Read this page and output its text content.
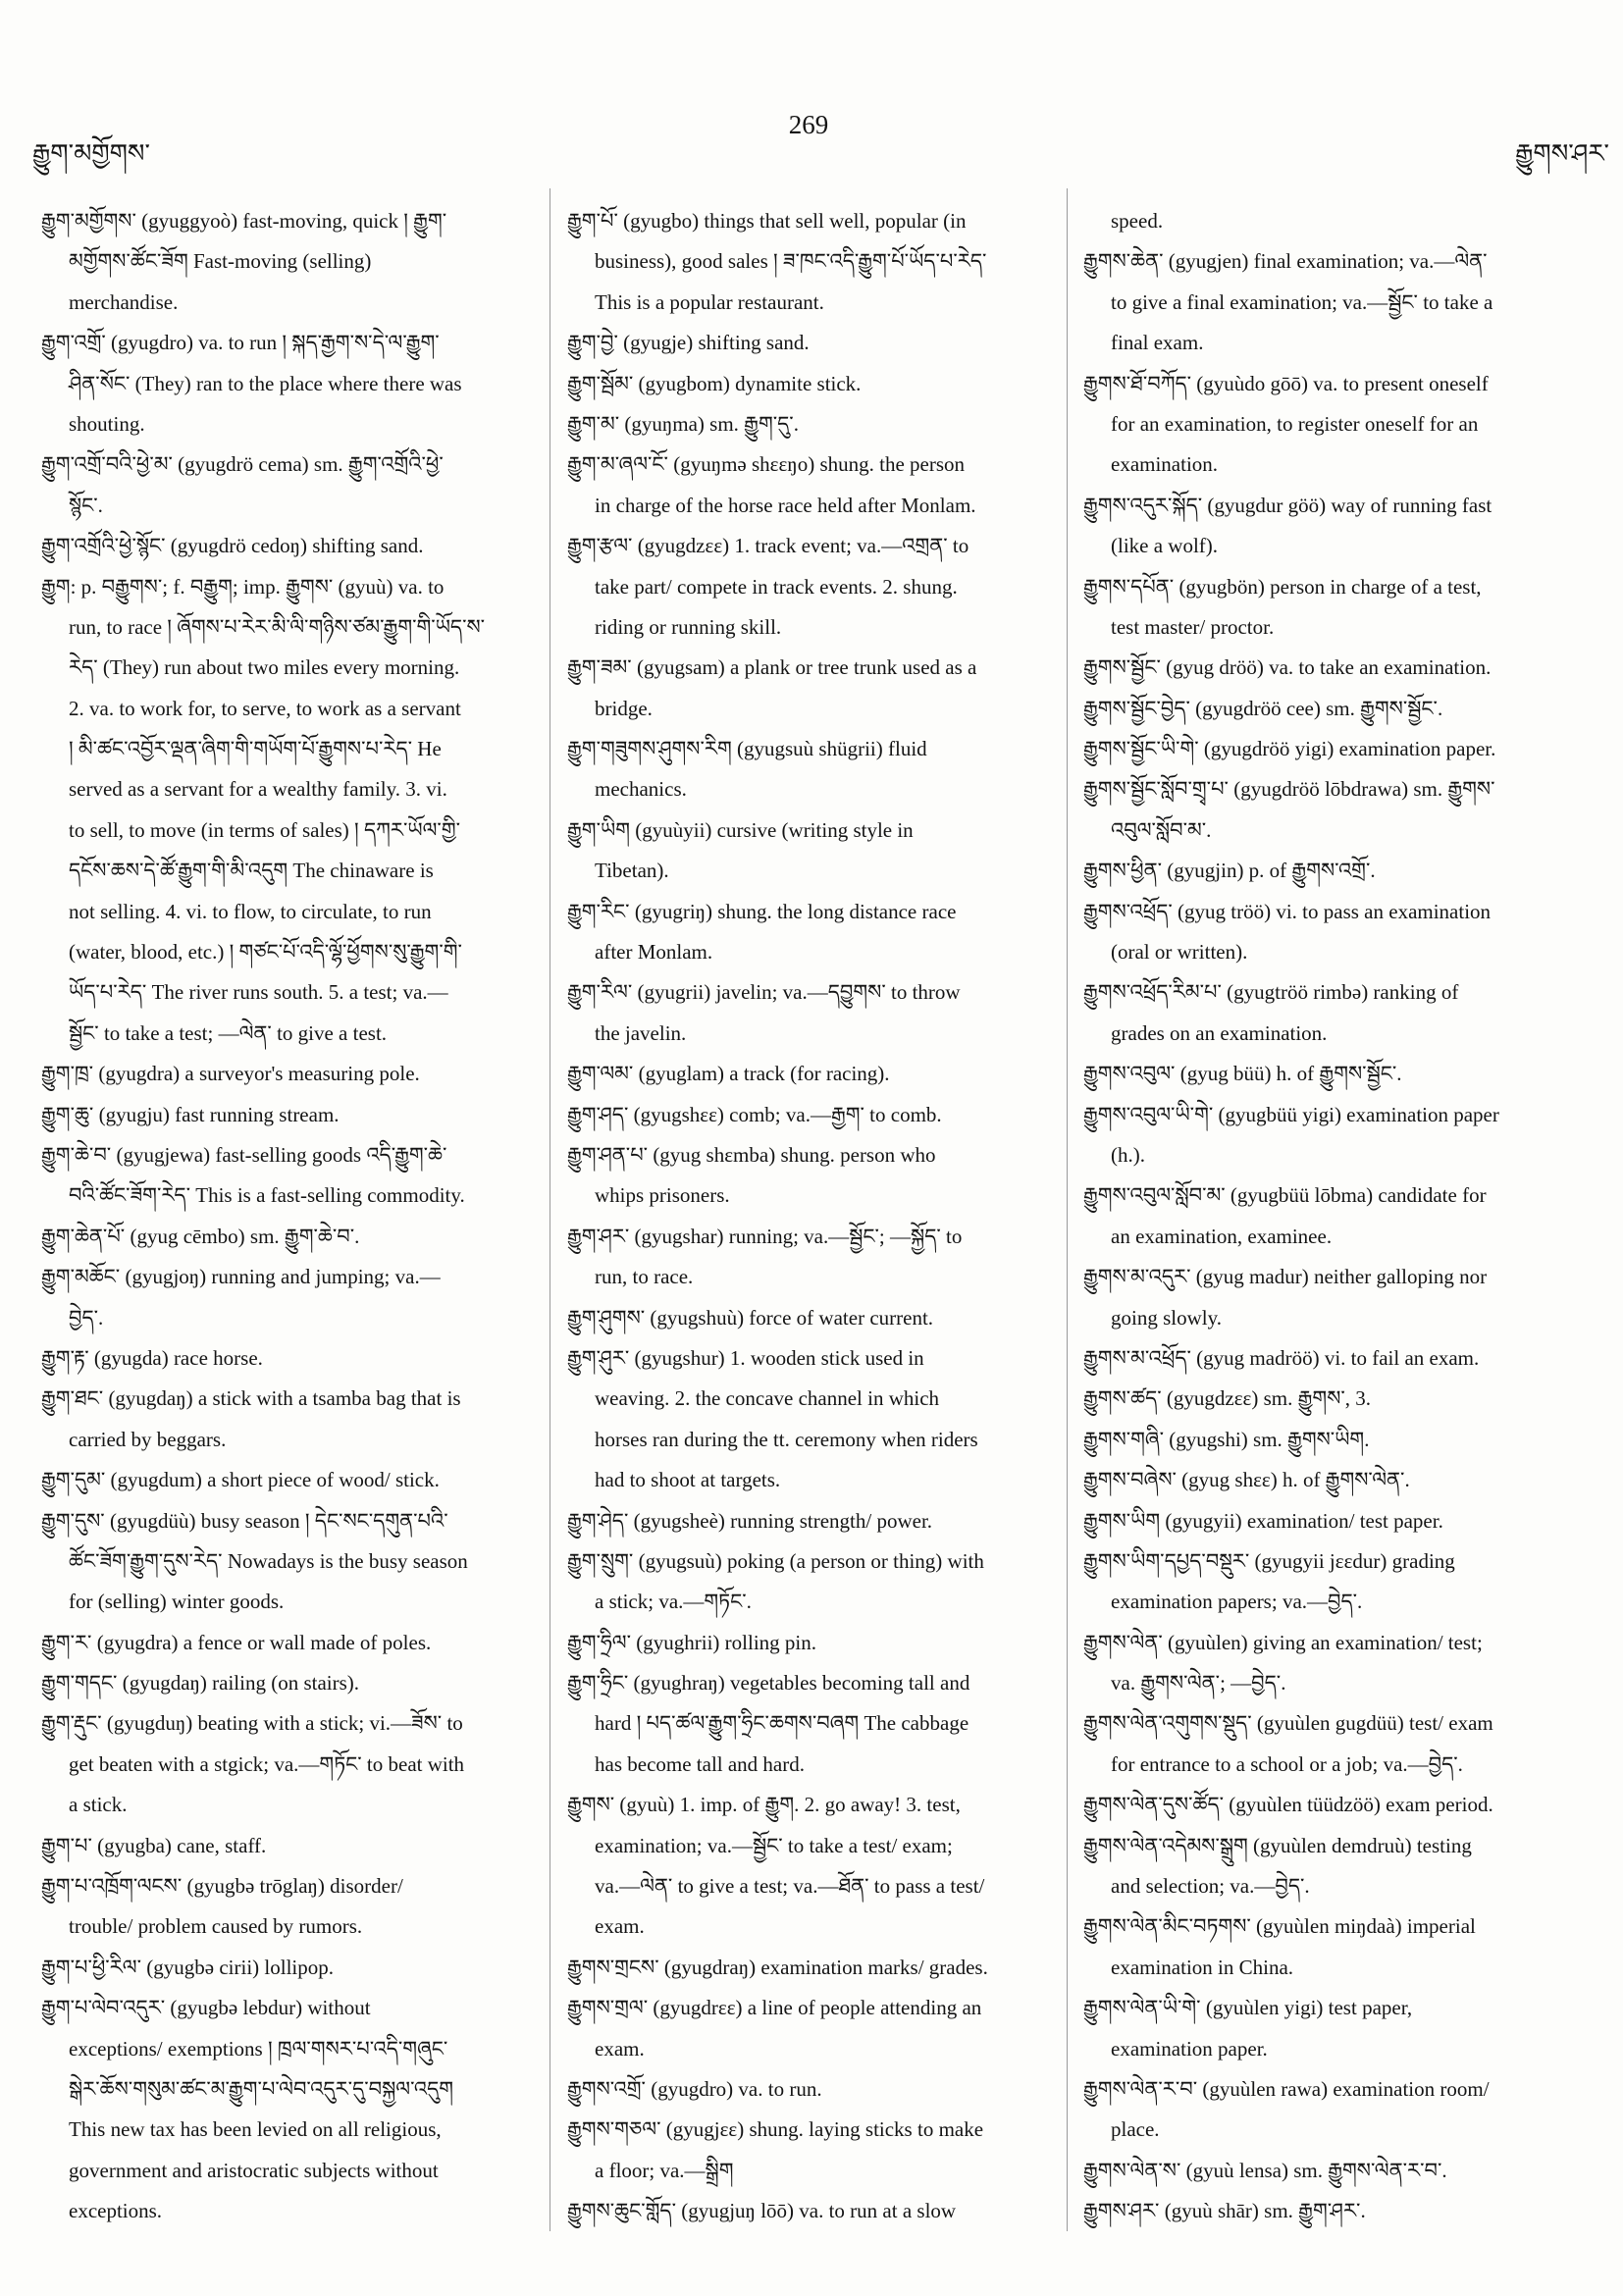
རྒྱུག་མགྱོགས་
269
རྒྱུགས་ཤར་
རྒྱུག་མགྱོགས་ (gyuggyoò) fast-moving, quick ། རྒྱུག་
མགྱོགས་ཚོང་ཟོག Fast-moving (selling)
merchandise.
རྒྱུག་འགྲོ་ (gyugdro) va. to run ། སྐད་རྒྱག་ས་དེ་ལ་རྒྱུག་
ཤིན་སོང་ (They) ran to the place where there was
shouting.
རྒྱུག་འགྲོ་བའི་ཕྱེ་མ་ (gyugdrö cema) sm. རྒྱུག་འགྲོའི་ཕྱེ་
སྙོང་.
རྒྱུག་འགྲོའི་ཕྱེ་སྙོང་ (gyugdrö cedoŋ) shifting sand.
རྒྱུག: p. བརྒྱུགས་; f. བརྒྱུག; imp. རྒྱུགས་ (gyuù) va. to
run, to race ། ཞོགས་པ་རེར་མི་ལི་གཉིས་ཙམ་རྒྱུག་གི་ཡོད་ས་
རེད་ (They) run about two miles every morning.
2. va. to work for, to serve, to work as a servant
། མི་ཚང་འབྱོར་ལྡན་ཞིག་གི་གཡོག་པོ་རྒྱུགས་པ་རེད་ He
served as a servant for a wealthy family. 3. vi.
to sell, to move (in terms of sales) ། དཀར་ཡོལ་གྱི་
དངོས་ཆས་དེ་ཚོ་རྒྱུག་གི་མི་འདུག The chinaware is
not selling. 4. vi. to flow, to circulate, to run
(water, blood, etc.) ། གཙང་པོ་འདི་ལྷོ་ཕྱོགས་སུ་རྒྱུག་གི་
ཡོད་པ་རེད་ The river runs south. 5. a test; va.—
སྦྱོང་ to take a test; —ལེན་ to give a test.
རྒྱུག་ཁྲ་ (gyugdra) a surveyor's measuring pole.
རྒྱུག་ཆུ་ (gyugju) fast running stream.
རྒྱུག་ཆེ་བ་ (gyugjewa) fast-selling goods འདི་རྒྱུག་ཆེ་
བའི་ཚོང་ཟོག་རེད་ This is a fast-selling commodity.
རྒྱུག་ཆེན་པོ་ (gyug cēmbo) sm. རྒྱུག་ཆེ་བ་.
རྒྱུག་མཆོང་ (gyugjoŋ) running and jumping; va.—
བྱེད་.
རྒྱུག་རྟ་ (gyugda) race horse.
རྒྱུག་ཐང་ (gyugdaŋ) a stick with a tsamba bag that is
carried by beggars.
རྒྱུག་དུམ་ (gyugdum) a short piece of wood/ stick.
རྒྱུག་དུས་ (gyugdüù) busy season ། དེང་སང་དགུན་པའི་
ཚོང་ཟོག་རྒྱུག་དུས་རེད་ Nowadays is the busy season
for (selling) winter goods.
རྒྱུག་ར་ (gyugdra) a fence or wall made of poles.
རྒྱུག་གདང་ (gyugdaŋ) railing (on stairs).
རྒྱུག་རྡུང་ (gyugduŋ) beating with a stick; vi.—ཟོས་ to
get beaten with a stgick; va.—གཏོང་ to beat with
a stick.
རྒྱུག་པ་ (gyugba) cane, staff.
རྒྱུག་པ་འཁྲོག་ལངས་ (gyugbə trōglaŋ) disorder/
trouble/ problem caused by rumors.
རྒྱུག་པ་ཕྱི་རིལ་ (gyugbə cirii) lollipop.
རྒྱུག་པ་ལེབ་འདུར་ (gyugbə lebdur) without
exceptions/ exemptions ། ཁྲལ་གསར་པ་འདི་གཞུང་
སྒེར་ཆོས་གསུམ་ཚང་མ་རྒྱུག་པ་ལེབ་འདུར་དུ་བསྐྱལ་འདུག
This new tax has been levied on all religious,
government and aristocratic subjects without
exceptions.
རྒྱུག་པོ་ (gyugbo) things that sell well, popular (in
business), good sales ། ཟ་ཁང་འདི་རྒྱུག་པོ་ཡོད་པ་རེད་
This is a popular restaurant.
རྒྱུག་བྱེ་ (gyugje) shifting sand.
རྒྱུག་སྦོམ་ (gyugbom) dynamite stick.
རྒྱུག་མ་ (gyuŋma) sm. རྒྱུག་དུ་.
རྒྱུག་མ་ཞལ་ངོ་ (gyuŋmə shεεŋo) shung. the person
in charge of the horse race held after Monlam.
རྒྱུག་རྩལ་ (gyugdzεε) 1. track event; va.—འགྲན་ to
take part/ compete in track events. 2. shung.
riding or running skill.
རྒྱུག་ཟམ་ (gyugsam) a plank or tree trunk used as a
bridge.
རྒྱུག་གཟུགས་ཤུགས་རིག (gyugsuù shügrii) fluid
mechanics.
རྒྱུག་ཡིག (gyuùyii) cursive (writing style in
Tibetan).
རྒྱུག་རིང་ (gyugriŋ) shung. the long distance race
after Monlam.
རྒྱུག་རིལ་ (gyugrii) javelin; va.—དབྱུགས་ to throw
the javelin.
རྒྱུག་ལམ་ (gyuglam) a track (for racing).
རྒྱུག་ཤད་ (gyugshεε) comb; va.—རྒྱག་ to comb.
རྒྱུག་ཤན་པ་ (gyug shεmba) shung. person who
whips prisoners.
རྒྱུག་ཤར་ (gyugshar) running; va.—སྦྱོང་; —སྐྱོད་ to
run, to race.
རྒྱུག་ཤུགས་ (gyugshuù) force of water current.
རྒྱུག་ཤུར་ (gyugshur) 1. wooden stick used in
weaving. 2. the concave channel in which
horses ran during the tt. ceremony when riders
had to shoot at targets.
རྒྱུག་ཤེད་ (gyugsheè) running strength/ power.
རྒྱུག་སྲུག་ (gyugsuù) poking (a person or thing) with
a stick; va.—གཏོང་.
རྒྱུག་ཧྲིལ་ (gyughrii) rolling pin.
རྒྱུག་ཧྲིང་ (gyughraŋ) vegetables becoming tall and
hard ། པད་ཚལ་རྒྱུག་ཧྲིང་ཆགས་བཞག The cabbage
has become tall and hard.
རྒྱུགས་ (gyuù) 1. imp. of རྒྱུག. 2. go away! 3. test,
examination; va.—སྦྱོང་ to take a test/ exam;
va.—ལེན་ to give a test; va.—ཐོན་ to pass a test/
exam.
རྒྱུགས་གྲངས་ (gyugdraŋ) examination marks/ grades.
རྒྱུགས་གྲལ་ (gyugdrεε) a line of people attending an
exam.
རྒྱུགས་འགྲོ་ (gyugdro) va. to run.
རྒྱུགས་གཅལ་ (gyugjεε) shung. laying sticks to make
a floor; va.—སྒྲིག
རྒྱུགས་ཆུང་གློད་ (gyugjuŋ lōō) va. to run at a slow
speed.
རྒྱུགས་ཆེན་ (gyugjen) final examination; va.—ལེན་
to give a final examination; va.—སྦྱོང་ to take a
final exam.
རྒྱུགས་ཐོ་བཀོད་ (gyuùdo gōō) va. to present oneself
for an examination, to register oneself for an
examination.
རྒྱུགས་འདུར་སྐོད་ (gyugdur göö) way of running fast
(like a wolf).
རྒྱུགས་དཔོན་ (gyugbön) person in charge of a test,
test master/ proctor.
རྒྱུགས་སྦྱོང་ (gyug dröö) va. to take an examination.
རྒྱུགས་སྦྱོང་བྱེད་ (gyugdröö cee) sm. རྒྱུགས་སྦྱོང་.
རྒྱུགས་སྦྱོང་ཡི་གེ་ (gyugdröö yigi) examination paper.
རྒྱུགས་སྦྱོང་སློབ་གྲྭ་པ་ (gyugdröö lōbdrawa) sm. རྒྱུགས་
འབུལ་སློབ་མ་.
རྒྱུགས་ཕྱིན་ (gyugjin) p. of རྒྱུགས་འགྲོ་.
རྒྱུགས་འཕྲོད་ (gyug tröö) vi. to pass an examination
(oral or written).
རྒྱུགས་འཕྲོད་རིམ་པ་ (gyugtröö rimbə) ranking of
grades on an examination.
རྒྱུགས་འབུལ་ (gyug büü) h. of རྒྱུགས་སྦྱོང་.
རྒྱུགས་འབུལ་ཡི་གེ་ (gyugbüü yigi) examination paper
(h.).
རྒྱུགས་འབུལ་སློབ་མ་ (gyugbüü lōbma) candidate for
an examination, examinee.
རྒྱུགས་མ་འདུར་ (gyug madur) neither galloping nor
going slowly.
རྒྱུགས་མ་འཕྲོད་ (gyug madröö) vi. to fail an exam.
རྒྱུགས་ཚད་ (gyugdzεε) sm. རྒྱུགས་, 3.
རྒྱུགས་གཞི་ (gyugshi) sm. རྒྱུགས་ཡིག.
རྒྱུགས་བཞེས་ (gyug shεε) h. of རྒྱུགས་ལེན་.
རྒྱུགས་ཡིག (gyugyii) examination/ test paper.
རྒྱུགས་ཡིག་དཔྱད་བསྡུར་ (gyugyii jεεdur) grading
examination papers; va.—བྱེད་.
རྒྱུགས་ལེན་ (gyuùlen) giving an examination/ test;
va. རྒྱུགས་ལེན་; —བྱེད་.
རྒྱུགས་ལེན་འགུགས་སྡུད་ (gyuùlen gugdüü) test/ exam
for entrance to a school or a job; va.—བྱེད་.
རྒྱུགས་ལེན་དུས་ཚོད་ (gyuùlen tüüdzöö) exam period.
རྒྱུགས་ལེན་འདེམས་སྒྲུག (gyuùlen demdruù) testing
and selection; va.—བྱེད་.
རྒྱུགས་ལེན་མིང་བཏགས་ (gyuùlen miŋdaà) imperial
examination in China.
རྒྱུགས་ལེན་ཡི་གེ་ (gyuùlen yigi) test paper,
examination paper.
རྒྱུགས་ལེན་ར་བ་ (gyuùlen rawa) examination room/
place.
རྒྱུགས་ལེན་ས་ (gyuù lensa) sm. རྒྱུགས་ལེན་ར་བ་.
རྒྱུགས་ཤར་ (gyuù shār) sm. རྒྱུག་ཤར་.
